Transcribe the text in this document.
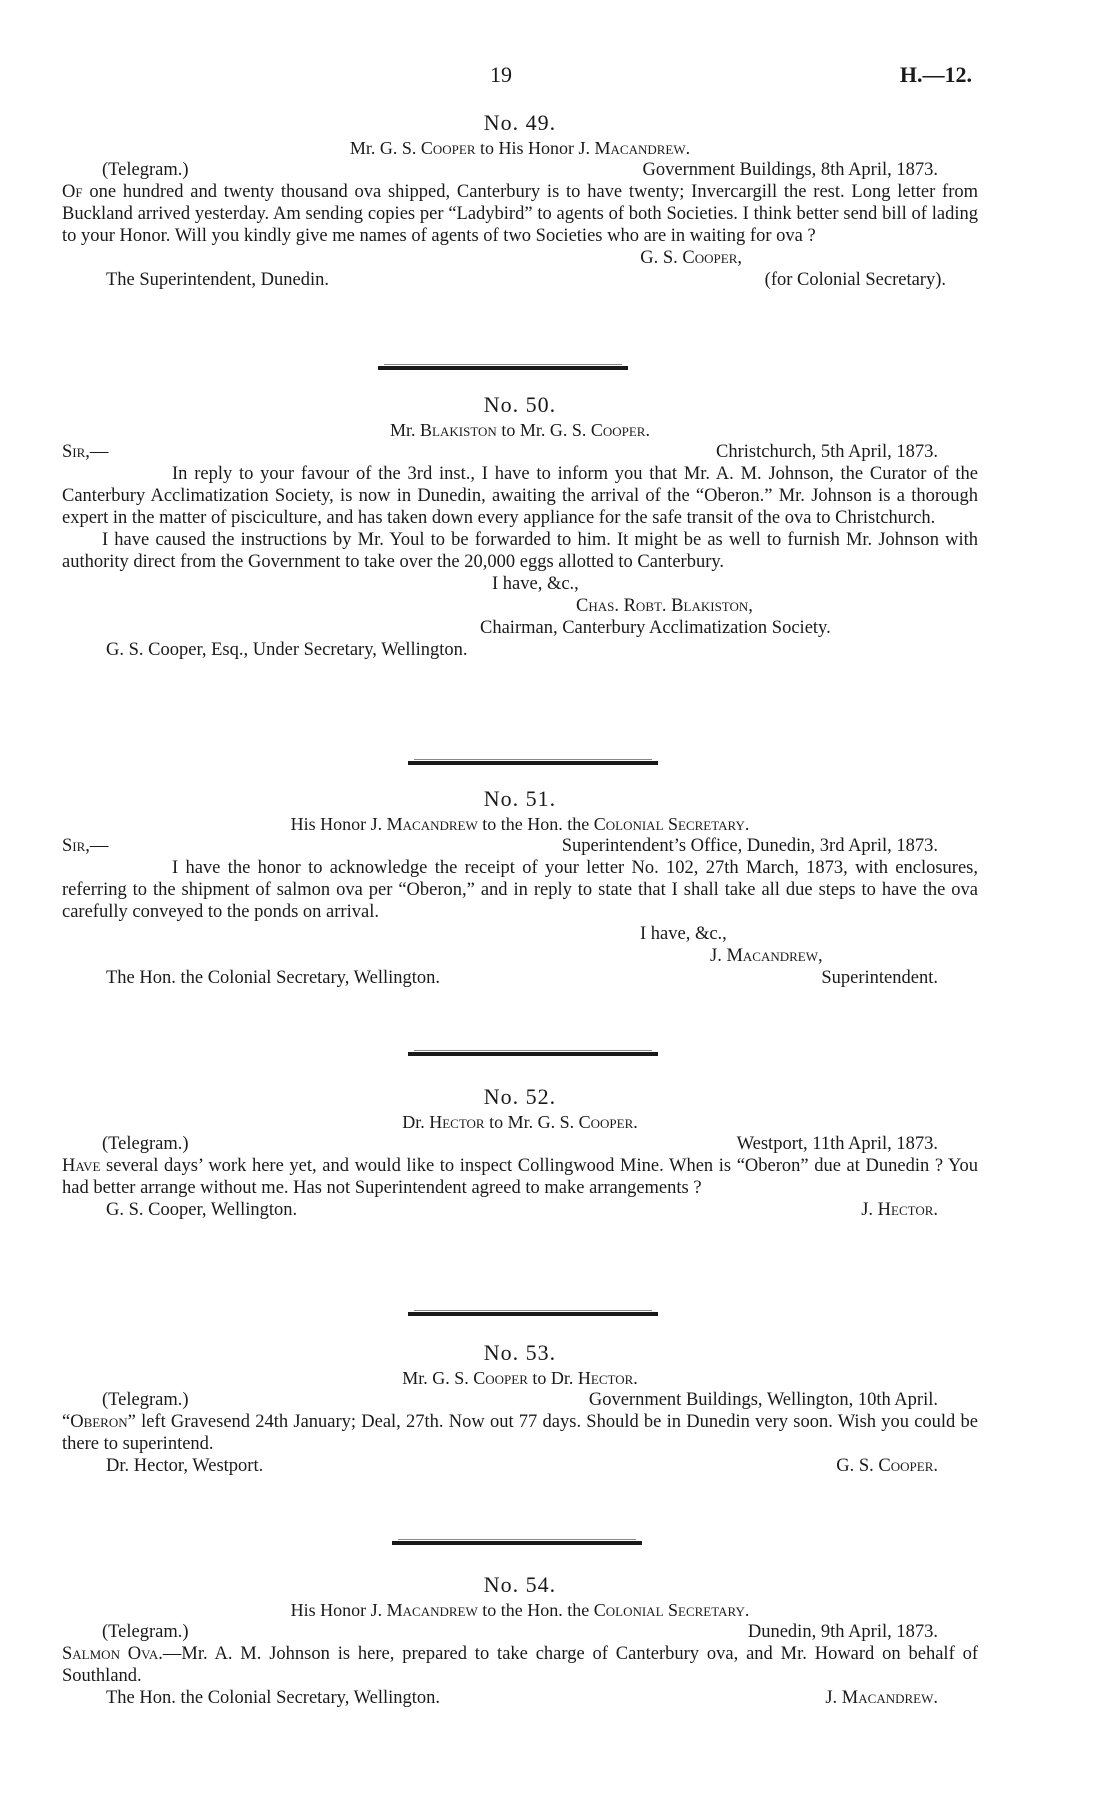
19	H.—12.

No. 49.

Mr. G. S. Cooper to His Honor J. Macandrew.

(Telegram.)	Government Buildings, 8th April, 1873.

Of one hundred and twenty thousand ova shipped, Canterbury is to have twenty; Invercargill the rest. Long letter from Buckland arrived yesterday. Am sending copies per “Ladybird” to agents of both Societies. I think better send bill of lading to your Honor. Will you kindly give me names of agents of two Societies who are in waiting for ova ?

G. S. Cooper,
The Superintendent, Dunedin.	(for Colonial Secretary).

No. 50.

Mr. Blakiston to Mr. G. S. Cooper.

Sir,—	Christchurch, 5th April, 1873.

In reply to your favour of the 3rd inst., I have to inform you that Mr. A. M. Johnson, the Curator of the Canterbury Acclimatization Society, is now in Dunedin, awaiting the arrival of the “Oberon.” Mr. Johnson is a thorough expert in the matter of pisciculture, and has taken down every appliance for the safe transit of the ova to Christchurch.

I have caused the instructions by Mr. Youl to be forwarded to him. It might be as well to furnish Mr. Johnson with authority direct from the Government to take over the 20,000 eggs allotted to Canterbury.

I have, &c.,
Chas. Robt. Blakiston,
Chairman, Canterbury Acclimatization Society.
G. S. Cooper, Esq., Under Secretary, Wellington.

No. 51.

His Honor J. Macandrew to the Hon. the Colonial Secretary.

Sir,—	Superintendent’s Office, Dunedin, 3rd April, 1873.

I have the honor to acknowledge the receipt of your letter No. 102, 27th March, 1873, with enclosures, referring to the shipment of salmon ova per “Oberon,” and in reply to state that I shall take all due steps to have the ova carefully conveyed to the ponds on arrival.

I have, &c.,
J. Macandrew,
The Hon. the Colonial Secretary, Wellington.	Superintendent.

No. 52.

Dr. Hector to Mr. G. S. Cooper.

(Telegram.)	Westport, 11th April, 1873.

Have several days’ work here yet, and would like to inspect Collingwood Mine. When is “Oberon” due at Dunedin ? You had better arrange without me. Has not Superintendent agreed to make arrangements ?

G. S. Cooper, Wellington.	J. Hector.

No. 53.

Mr. G. S. Cooper to Dr. Hector.

(Telegram.)	Government Buildings, Wellington, 10th April.

“Oberon” left Gravesend 24th January; Deal, 27th. Now out 77 days. Should be in Dunedin very soon. Wish you could be there to superintend.

Dr. Hector, Westport.	G. S. Cooper.

No. 54.

His Honor J. Macandrew to the Hon. the Colonial Secretary.

(Telegram.)	Dunedin, 9th April, 1873.

Salmon Ova.—Mr. A. M. Johnson is here, prepared to take charge of Canterbury ova, and Mr. Howard on behalf of Southland.

The Hon. the Colonial Secretary, Wellington.	J. Macandrew.
